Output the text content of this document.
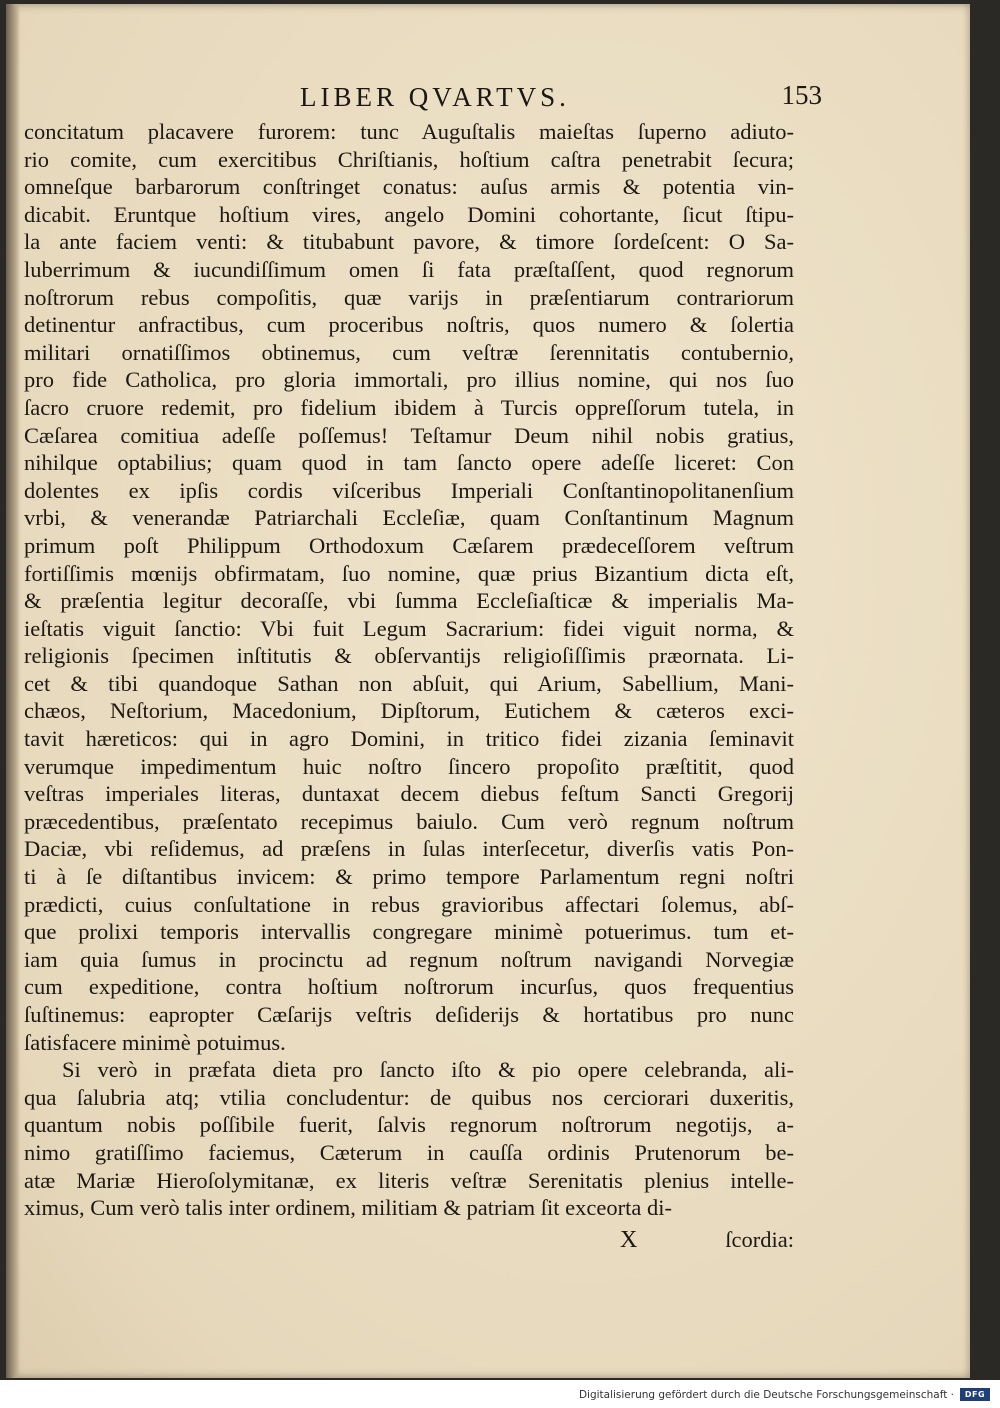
LIBER QVARTVS.	153
concitatum placavere furorem: tunc Auguſtalis maieſtas ſuperno adiuto-
rio comite, cum exercitibus Chriſtianis, hoſtium caſtra penetrabit ſecura;
omneſque barbarorum conſtringet conatus: auſus armis & potentia vin-
dicabit. Eruntque hoſtium vires, angelo Domini cohortante, ſicut ſtipu-
la ante faciem venti: & titubabunt pavore, & timore ſordeſcent: O Sa-
luberrimum & iucundiſſimum omen ſi fata præſtaſſent, quod regnorum
noſtrorum rebus compoſitis, quæ varijs in præſentiarum contrariorum
detinentur anfractibus, cum proceribus noſtris, quos numero & ſolertia
militari ornatiſſimos obtinemus, cum veſtræ ſerennitatis contubernio,
pro fide Catholica, pro gloria immortali, pro illius nomine, qui nos ſuo
ſacro cruore redemit, pro fidelium ibidem à Turcis oppreſſorum tutela, in
Cæſarea comitiua adeſſe poſſemus! Teſtamur Deum nihil nobis gratius,
nihilque optabilius; quam quod in tam ſancto opere adeſſe liceret: Con
dolentes ex ipſis cordis viſceribus Imperiali Conſtantinopolitanenſium
vrbi, & venerandæ Patriarchali Eccleſiæ, quam Conſtantinum Magnum
primum poſt Philippum Orthodoxum Cæſarem prædeceſſorem veſtrum
fortiſſimis mœnijs obfirmatam, ſuo nomine, quæ prius Bizantium dicta eſt,
& præſentia legitur decoraſſe, vbi ſumma Eccleſiaſticæ & imperialis Ma-
ieſtatis viguit ſanctio: Vbi fuit Legum Sacrarium: fidei viguit norma, &
religionis ſpecimen inſtitutis & obſervantijs religioſiſſimis præornata. Li-
cet & tibi quandoque Sathan non abſuit, qui Arium, Sabellium, Mani-
chæos, Neſtorium, Macedonium, Dipſtorum, Eutichem & cæteros exci-
tavit hæreticos: qui in agro Domini, in tritico fidei zizania ſeminavit
verumque impedimentum huic noſtro ſincero propoſito præſtitit, quod
veſtras imperiales literas, duntaxat decem diebus feſtum Sancti Gregorij
præcedentibus, præſentato recepimus baiulo. Cum verò regnum noſtrum
Daciæ, vbi reſidemus, ad præſens in ſulas interſecetur, diverſis vatis Pon-
ti à ſe diſtantibus invicem: & primo tempore Parlamentum regni noſtri
prædicti, cuius conſultatione in rebus gravioribus affectari ſolemus, abſ-
que prolixi temporis intervallis congregare minimè potuerimus. tum et-
iam quia ſumus in procinctu ad regnum noſtrum navigandi Norvegiæ
cum expeditione, contra hoſtium noſtrorum incurſus, quos frequentius
ſuſtinemus: eapropter Cæſarijs veſtris deſiderijs & hortatibus pro nunc
ſatisfacere minimè potuimus.
Si verò in præfata dieta pro ſancto iſto & pio opere celebranda, ali-
qua ſalubria atq; vtilia concludentur: de quibus nos cerciorari duxeritis,
quantum nobis poſſibile fuerit, ſalvis regnorum noſtrorum negotijs, a-
nimo gratiſſimo faciemus, Cæterum in cauſſa ordinis Prutenorum be-
atæ Mariæ Hieroſolymitanæ, ex literis veſtræ Serenitatis plenius intelle-
ximus, Cum verò talis inter ordinem, militiam & patriam ſit exceorta di-
X	ſcordia:
Digitalisierung gefördert durch die Deutsche Forschungsgemeinschaft ·	DFG
